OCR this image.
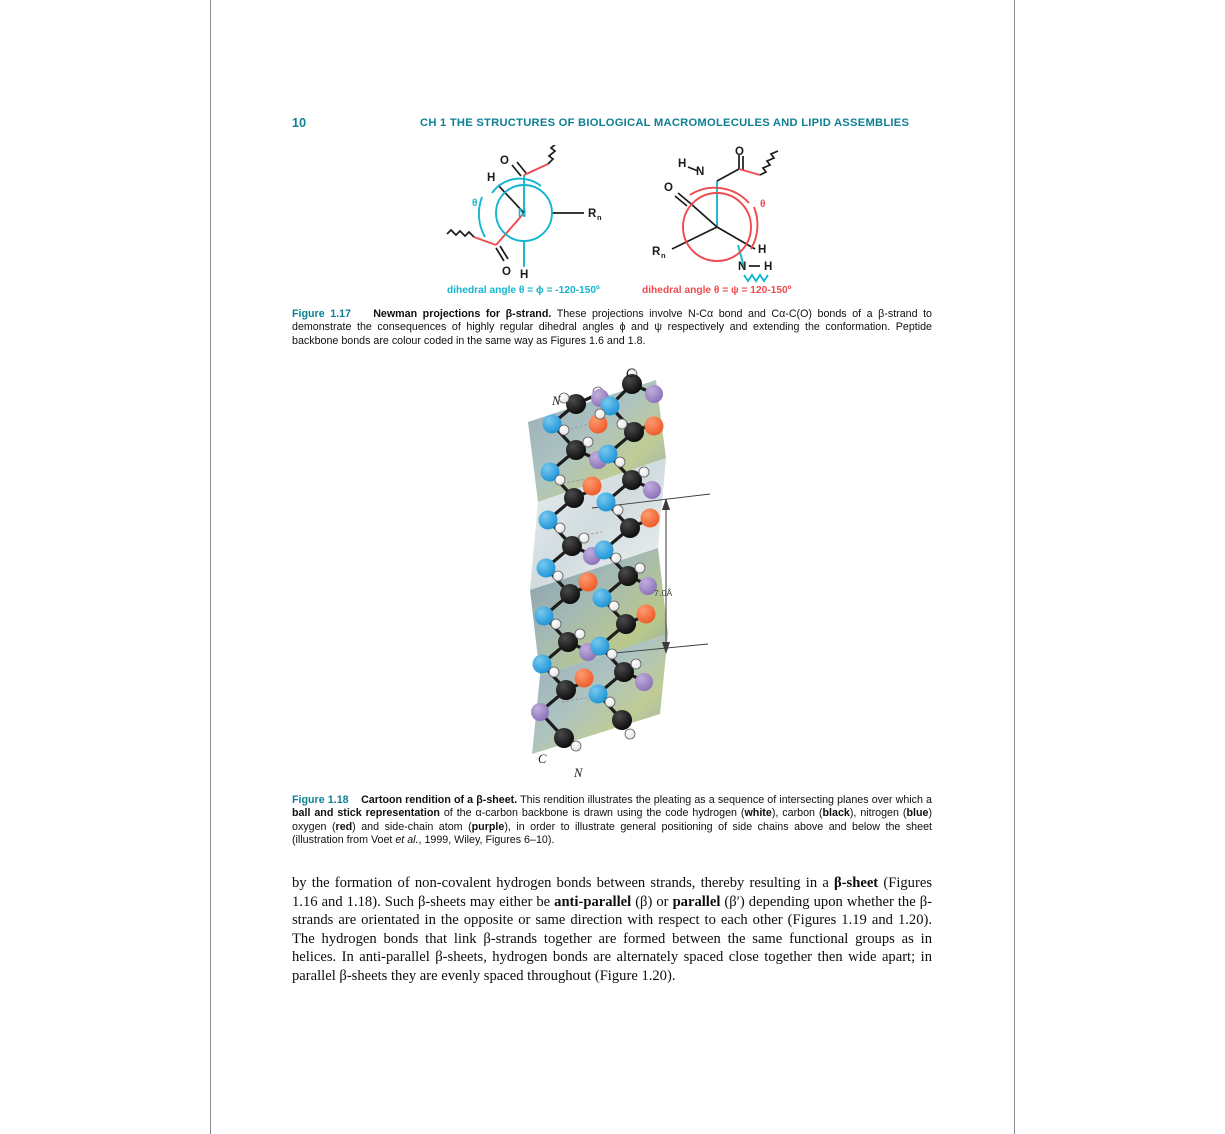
· · · · · ·
· · · ·
· · ·
· · · · · · · ·
· · · · ·
· · · ·
· · · · ·
10	CH 1 THE STRUCTURES OF BIOLOGICAL MACROMOLECULES AND LIPID ASSEMBLIES
O
O
H
N
H
R n
θ
O
N
H
O
R n	H
N H
θ
dihedral angle θ = ϕ = -120-150º	dihedral angle θ = ψ = 120-150º
Figure 1.17 Newman projections for β-strand. These projections involve N-Cα bond and Cα-C(O) bonds of a β-strand to demonstrate the consequences of highly regular dihedral angles ϕ and ψ respectively and extending the conformation. Peptide backbone bonds are colour coded in the same way as Figures 1.6 and 1.8.
N
C
C
N
7.0Å
Figure 1.18 Cartoon rendition of a β-sheet. This rendition illustrates the pleating as a sequence of intersecting planes over which a ball and stick representation of the α-carbon backbone is drawn using the code hydrogen (white), carbon (black), nitrogen (blue) oxygen (red) and side-chain atom (purple), in order to illustrate general positioning of side chains above and below the sheet (illustration from Voet et al., 1999, Wiley, Figures 6–10).
by the formation of non-covalent hydrogen bonds between strands, thereby resulting in a β-sheet (Figures 1.16 and 1.18). Such β-sheets may either be anti-parallel (β) or parallel (β′) depending upon whether the β-strands are orientated in the opposite or same direction with respect to each other (Figures 1.19 and 1.20). The hydrogen bonds that link β-strands together are formed between the same functional groups as in helices. In anti-parallel β-sheets, hydrogen bonds are alternately spaced close together then wide apart; in parallel β-sheets they are evenly spaced throughout (Figure 1.20).
